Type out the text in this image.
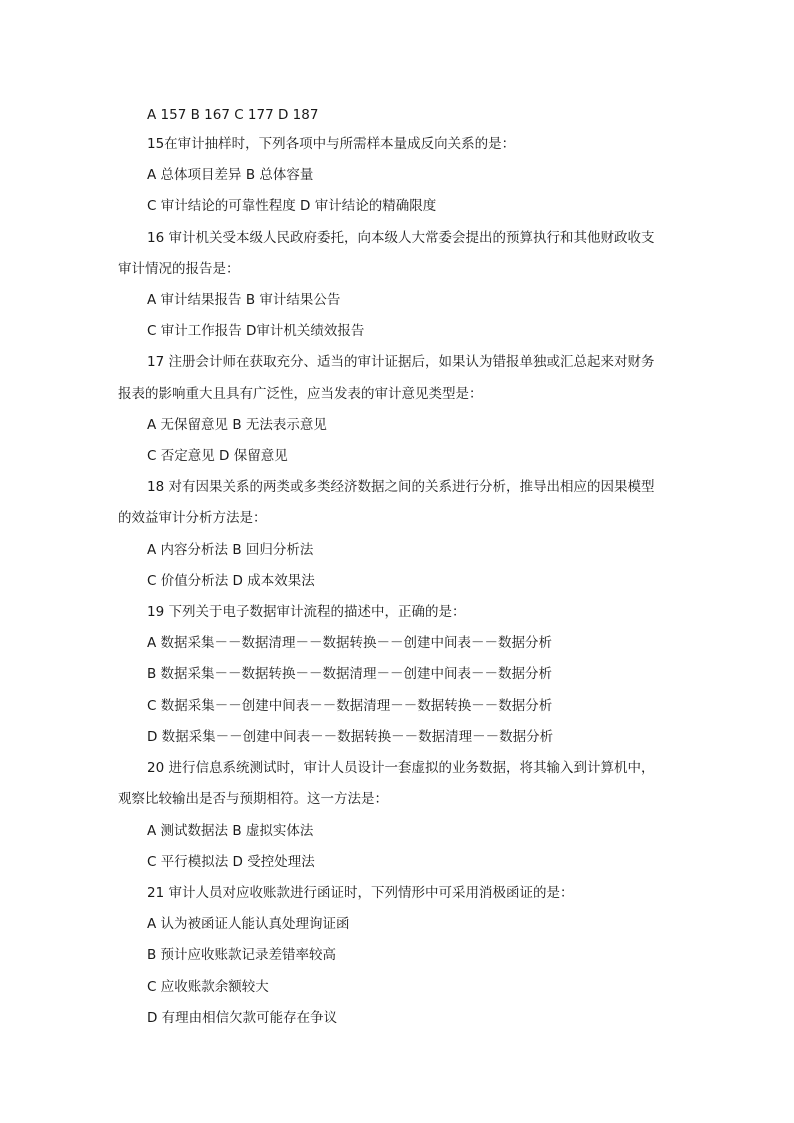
A 157 B 167 C 177 D 187
15在审计抽样时，下列各项中与所需样本量成反向关系的是：
A 总体项目差异 B 总体容量
C 审计结论的可靠性程度 D 审计结论的精确限度
16 审计机关受本级人民政府委托，向本级人大常委会提出的预算执行和其他财政收支
审计情况的报告是：
A 审计结果报告 B 审计结果公告
C 审计工作报告 D审计机关绩效报告
17 注册会计师在获取充分、适当的审计证据后，如果认为错报单独或汇总起来对财务
报表的影响重大且具有广泛性，应当发表的审计意见类型是：
A 无保留意见 B 无法表示意见
C 否定意见 D 保留意见
18 对有因果关系的两类或多类经济数据之间的关系进行分析，推导出相应的因果模型
的效益审计分析方法是：
A 内容分析法 B 回归分析法
C 价值分析法 D 成本效果法
19 下列关于电子数据审计流程的描述中，正确的是：
A 数据采集－－数据清理－－数据转换－－创建中间表－－数据分析
B 数据采集－－数据转换－－数据清理－－创建中间表－－数据分析
C 数据采集－－创建中间表－－数据清理－－数据转换－－数据分析
D 数据采集－－创建中间表－－数据转换－－数据清理－－数据分析
20 进行信息系统测试时，审计人员设计一套虚拟的业务数据，将其输入到计算机中，
观察比较输出是否与预期相符。这一方法是：
A 测试数据法 B 虚拟实体法
C 平行模拟法 D 受控处理法
21 审计人员对应收账款进行函证时，下列情形中可采用消极函证的是：
A 认为被函证人能认真处理询证函
B 预计应收账款记录差错率较高
C 应收账款余额较大
D 有理由相信欠款可能存在争议
